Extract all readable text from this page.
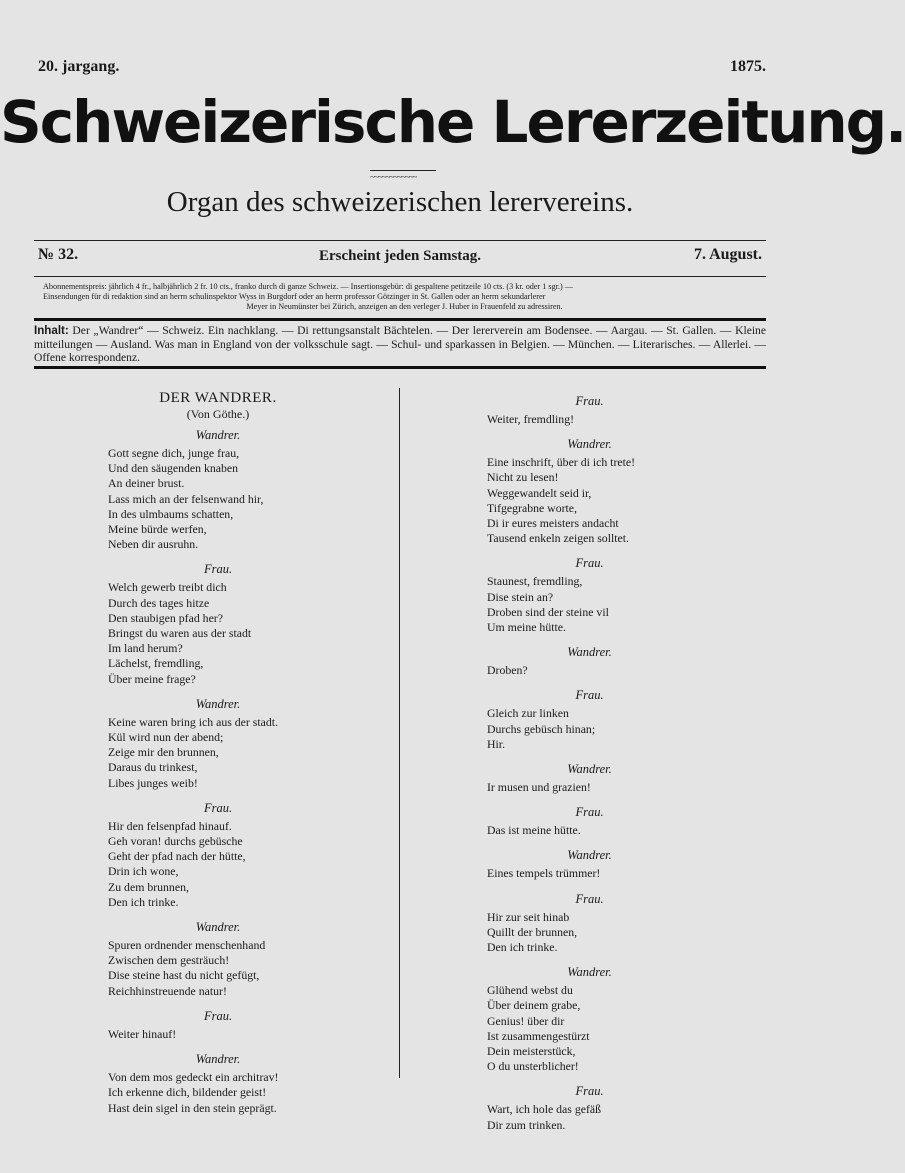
20. jargang.	1875.
Schweizerische Lererzeitung.
~~~~~~~~~~~~
Organ des schweizerischen lerervereins.
№ 32.	Erscheint jeden Samstag.	7. August.

Abonnementspreis: jährlich 4 fr., halbjährlich 2 fr. 10 cts., franko durch di ganze Schweiz. — Insertionsgebür: di gespaltene petitzeile 10 cts. (3 kr. oder 1 sgr.) —

Einsendungen für di redaktion sind an herrn schulinspektor Wyss in Burgdorf oder an herrn professor Götzinger in St. Gallen oder an herrn sekundarlerer

Meyer in Neumünster bei Zürich, anzeigen an den verleger J. Huber in Frauenfeld zu adressiren.

Inhalt: Der „Wandrer“ — Schweiz. Ein nachklang. — Di rettungsanstalt Bächtelen. — Der lererverein am Bodensee. — Aargau. — St. Gallen. — Kleine mitteilungen — Ausland. Was man in England von der volksschule sagt. — Schul- und sparkassen in Belgien. — München. — Literarisches. — Allerlei. — Offene korrespondenz.
DER WANDRER.
(Von Göthe.)
Wandrer.

Gott segne dich, junge frau,

Und den säugenden knaben

An deiner brust.

Lass mich an der felsenwand hir,

In des ulmbaums schatten,

Meine bürde werfen,

Neben dir ausruhn.

Frau.

Welch gewerb treibt dich

Durch des tages hitze

Den staubigen pfad her?

Bringst du waren aus der stadt

Im land herum?

Lächelst, fremdling,

Über meine frage?

Wandrer.

Keine waren bring ich aus der stadt.

Kül wird nun der abend;

Zeige mir den brunnen,

Daraus du trinkest,

Libes junges weib!

Frau.

Hir den felsenpfad hinauf.

Geh voran! durchs gebüsche

Geht der pfad nach der hütte,

Drin ich wone,

Zu dem brunnen,

Den ich trinke.

Wandrer.

Spuren ordnender menschenhand

Zwischen dem gesträuch!

Dise steine hast du nicht gefügt,

Reichhinstreuende natur!

Frau.

Weiter hinauf!

Wandrer.

Von dem mos gedeckt ein architrav!

Ich erkenne dich, bildender geist!

Hast dein sigel in den stein geprägt.

Frau.

Weiter, fremdling!

Wandrer.

Eine inschrift, über di ich trete!

Nicht zu lesen!

Weggewandelt seid ir,

Tifgegrabne worte,

Di ir eures meisters andacht

Tausend enkeln zeigen solltet.

Frau.

Staunest, fremdling,

Dise stein an?

Droben sind der steine vil

Um meine hütte.

Wandrer.

Droben?

Frau.

Gleich zur linken

Durchs gebüsch hinan;

Hir.

Wandrer.

Ir musen und grazien!

Frau.

Das ist meine hütte.

Wandrer.

Eines tempels trümmer!

Frau.

Hir zur seit hinab

Quillt der brunnen,

Den ich trinke.

Wandrer.

Glühend webst du

Über deinem grabe,

Genius! über dir

Ist zusammengestürzt

Dein meisterstück,

O du unsterblicher!

Frau.

Wart, ich hole das gefäß

Dir zum trinken.
